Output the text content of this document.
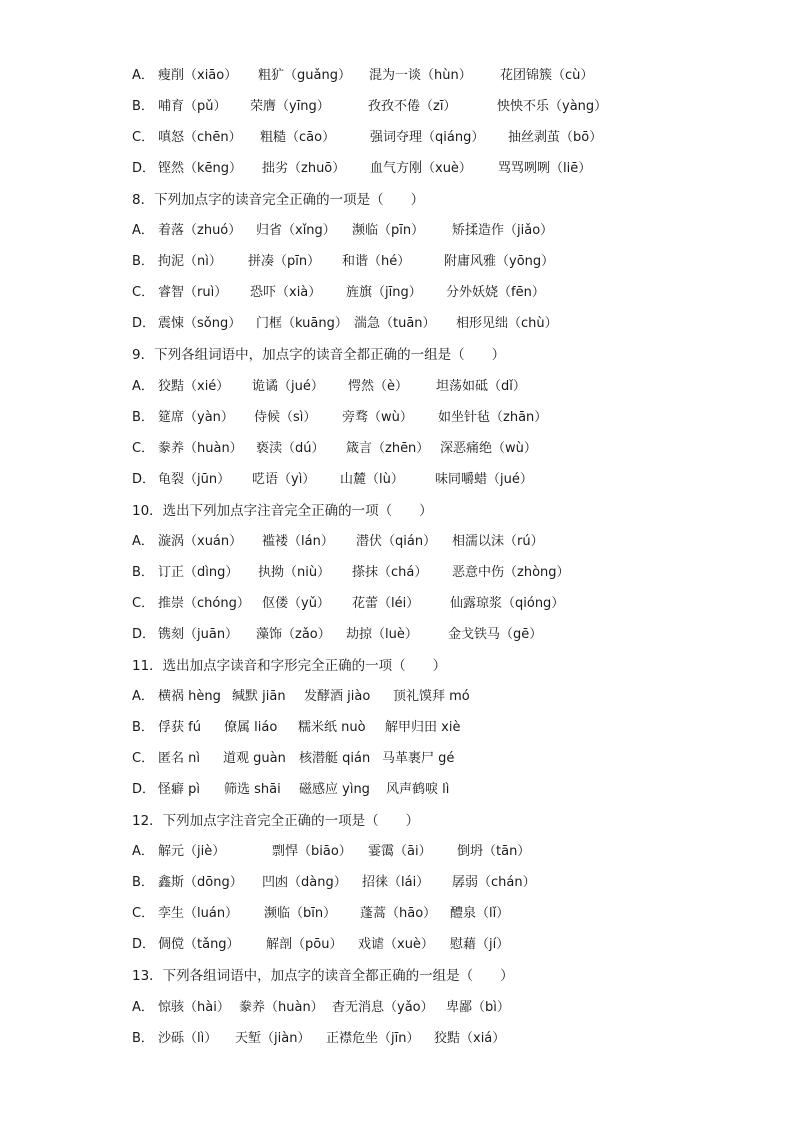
A． 瘦削（xiāo） 粗犷（guǎng） 混为一谈（hùn） 花团锦簇（cù）
B． 哺育（pǔ） 荣膺（yīng）	孜孜不倦（zī）	怏怏不乐（yàng）
C． 嗔怒（chēn） 粗糙（cāo）	强词夺理（qiáng） 抽丝剥茧（bō）
D． 铿然（kēng） 拙劣（zhuō） 血气方刚（xuè） 骂骂咧咧（liē）
8．下列加点字的读音完全正确的一项是（　　）
A． 着落（zhuó） 归省（xǐng） 濒临（pīn） 矫揉造作（jiǎo）
B． 拘泥（nì） 拼凑（pīn） 和谐（hé）	附庸风雅（yōng）
C． 睿智（ruì） 恐吓（xià） 旌旗（jīng） 分外妖娆（fēn）
D． 震悚（sǒng） 门框（kuāng） 湍急（tuān） 相形见绌（chù）
9．下列各组词语中，加点字的读音全都正确的一组是（　　）
A． 狡黠（xié） 诡谲（jué） 愕然（è） 坦荡如砥（dǐ）
B． 筵席（yàn） 侍候（sì） 旁骛（wù） 如坐针毡（zhān）
C． 豢养（huàn） 亵渎（dú） 箴言（zhēn） 深恶痛绝（wù）
D． 龟裂（jūn） 呓语（yì） 山麓（lù） 味同嚼蜡（jué）
10．选出下列加点字注音完全正确的一项（　　）
A． 漩涡（xuán） 褴褛（lán） 潜伏（qián） 相濡以沫（rú）
B． 订正（dìng） 执拗（niù） 搽抹（chá） 恶意中伤（zhòng）
C． 推崇（chóng） 伛偻（yǔ） 花蕾（léi） 仙露琼浆（qióng）
D． 镌刻（juān） 藻饰（zǎo） 劫掠（luè） 金戈铁马（gē）
11．选出加点字读音和字形完全正确的一项（　　）
A． 横祸 hèng 缄默 jiān 发酵酒 jiào 顶礼馍拜 mó
B． 俘获 fú 僚属 liáo 糯米纸 nuò 解甲归田 xiè
C． 匿名 nì 道观 guàn 核潜艇 qián 马革裹尸 gé
D． 怪癖 pì 筛选 shāi 磁感应 yìng 风声鹤唳 lì
12．下列加点字注音完全正确的一项是（　　）
A． 解元（jiè）	剽悍（biāo） 霎霭（āi） 倒坍（tān）
B． 鑫斯（dōng） 凹凼（dàng） 招徕（lái） 孱弱（chán）
C． 孪生（luán） 濒临（bīn） 蓬蒿（hāo） 醴泉（lǐ）
D． 倜傥（tǎng） 解剖（pōu） 戏谑（xuè） 慰藉（jí）
13．下列各组词语中，加点字的读音全都正确的一组是（　　）
A． 惊骇（hài） 豢养（huàn） 杳无消息（yǎo） 卑鄙（bì）
B． 沙砾（lì） 天堑（jiàn） 正襟危坐（jīn） 狡黠（xiá）
